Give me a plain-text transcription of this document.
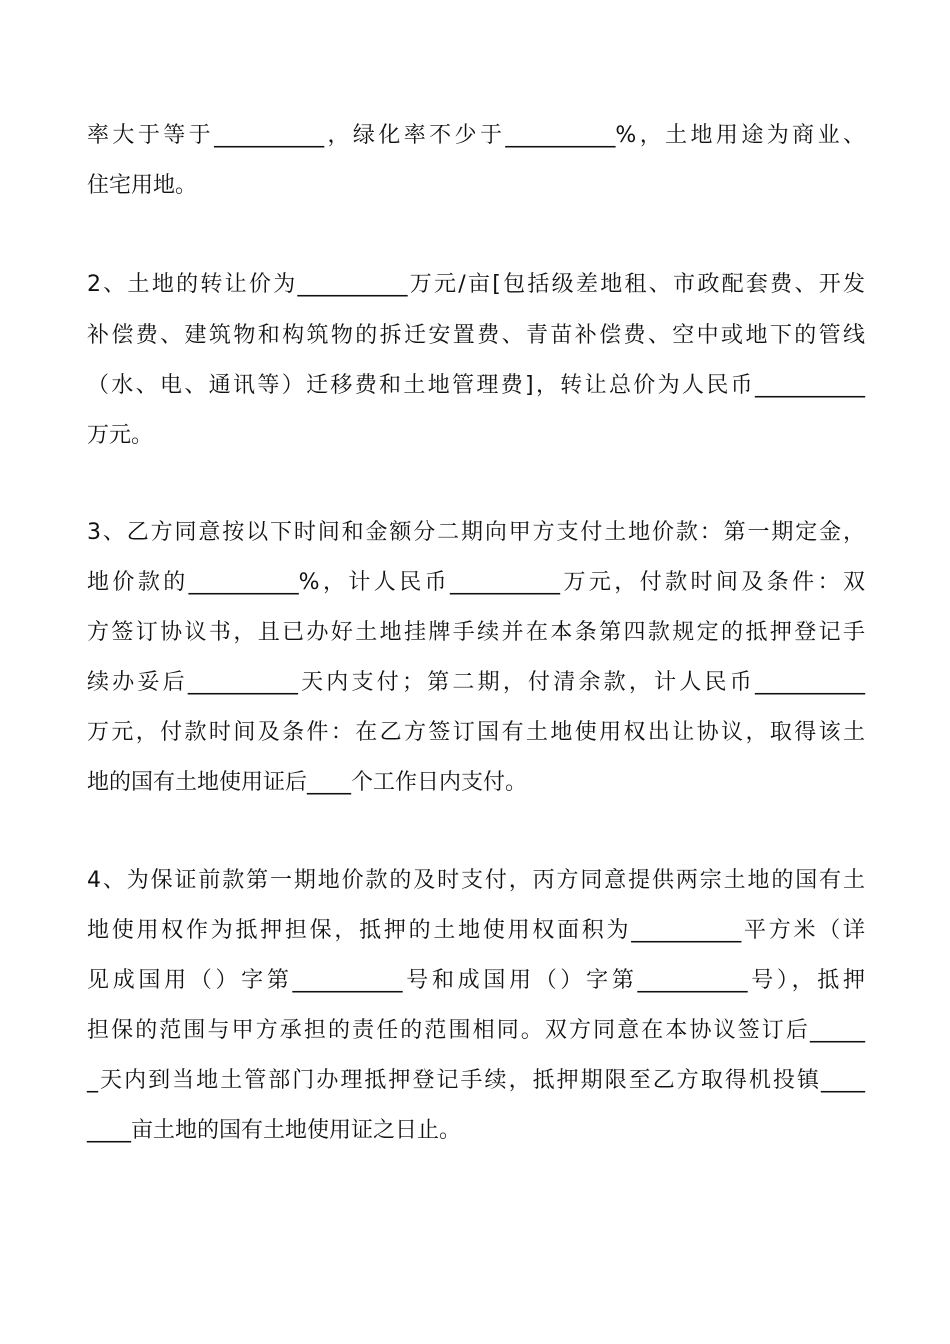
率大于等于__________，绿化率不少于__________%，土地用途为商业、

住宅用地。

2、土地的转让价为__________万元/亩[包括级差地租、市政配套费、开发

补偿费、建筑物和构筑物的拆迁安置费、青苗补偿费、空中或地下的管线

（水、电、通讯等）迁移费和土地管理费]，转让总价为人民币__________

万元。

3、乙方同意按以下时间和金额分二期向甲方支付土地价款：第一期定金，

地价款的__________%，计人民币__________万元，付款时间及条件：双

方签订协议书，且已办好土地挂牌手续并在本条第四款规定的抵押登记手

续办妥后__________天内支付；第二期，付清余款，计人民币__________

万元，付款时间及条件：在乙方签订国有土地使用权出让协议，取得该土

地的国有土地使用证后____个工作日内支付。

4、为保证前款第一期地价款的及时支付，丙方同意提供两宗土地的国有土

地使用权作为抵押担保，抵押的土地使用权面积为__________平方米（详

见成国用（）字第__________号和成国用（）字第__________号），抵押

担保的范围与甲方承担的责任的范围相同。双方同意在本协议签订后_____

_天内到当地土管部门办理抵押登记手续，抵押期限至乙方取得机投镇____

____亩土地的国有土地使用证之日止。
